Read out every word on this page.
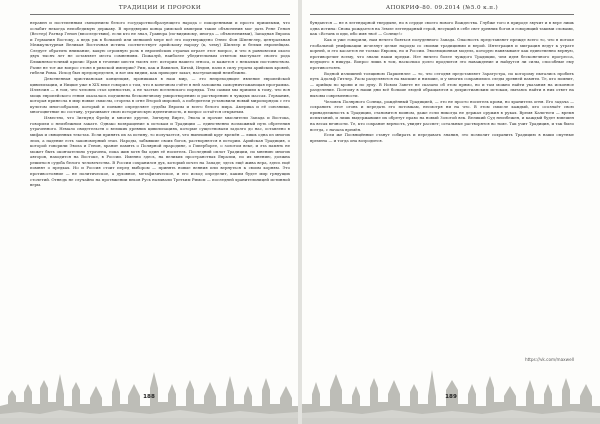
ТРАДИЦИИ И ПРОРОКИ

неравен и постепенным смещением белого государствообразующего народа с покоренными и просто пришлыми, что ослабит некогда непобедимую державу. В преддверии конца римской империи такие объяснения мог дать Рене Генон (Вестер) Рагнар Генон (впоследствии), если кто не знал, Гравюра (по-видимому, иногда — объяснениями), Западная Европа и Германия Востоку, а ведь уж в большей или меньшей мере всё это подтверждено Отнес Фон Шпенглер, центральная Межкультурная Великая Восточная истина соответствует арийскому народу (к, чему) Шиллер и белым европейцам. Следует обратить внимание, какую огромную роль в европейских странах играет этот вопрос, и что в равновесии около двух тысяч лет не оставляет места сомнениям. Пожалуй, наиболее убедительным ответом выступает своего рода Ближневосточный кризис Иран в течение шести тысяч лет: истории нашего этноса, и кажется с немалым постоянством. Разве не тот же вопрос стоял в римской империи? Рим, как и Вавилон, Китай, Индия, пали в силу утраты арийских кровей, гибели Рима. Исход был предопределен, и вот мы видим, как приходит закат, наступающий неизбежно.

Девственная христианская концепция, проникшая в наш мир, — это непреходящее явление европейской цивилизации, и Ницше уже в XIX веке говорил о том, что в конечном счёте в ней заложена самоуничтожающая программа. Иллюзия — в том, что человек стал ценностью, а не частью вселенского порядка. Тем самым мы пришли к тому, что вся мощь европейского гения оказалась подчинена бесконечному умиротворению и растворению в чуждых массах. Германия, которая принесла в мир новые смыслы, сгорела в огне Второй мировой, а победители установили новый миропорядок с его культом многообразия, который и поныне определяет судьбы Европы и всего белого мира. Америка и её союзники, многоцветные по составу, утрачивают свою историческую идентичность, и вопрос остаётся открытым.

Известно, что Зигмунд Фрейд и многие другие, Зигмунд Виртс, Эвола и прочие мыслители Запада и Востока, говорили о неизбежном закате. Однако возвращение к истокам и Традиции — единственно возможный путь обретения утраченного. Немало свидетельств о великих древних цивилизациях, которые существовали задолго до нас, оставлено в мифах и священных текстах. Если принять их за истину, то получается, что нынешний круг времён — лишь одна из многих эпох, а падение есть закономерный этап. Народы, забывшие своих богов, растворяются в истории. Арийская Традиция, о которой говорили Эвола и Генон, хранит память о Полярной прародине, о Гиперборее, о золотом веке, и эта память не может быть окончательно утрачена, пока жив хотя бы один её носитель. Последний оплот Традиции, по мнению многих авторов, находится на Востоке, в России. Именно здесь, на великих пространствах Евразии, по их мнению, должна решиться судьба белого человечества. В России сохранился дух, который исчез на Западе; здесь ещё жива вера, здесь ещё помнят о предках. Но и Россия стоит перед выбором — принять новые веяния или вернуться к своим корням. Это противостояние — не политическое, а духовное, метафизическое, и его исход определит, каким будет мир грядущих столетий. Отнюдь не случайно на протяжении веков Русь называли Третьим Римом — последней хранительницей истинной веры.

188
АПОКРИФ-80. 09.2014 (№5.0 к.п.)

бундаются — не в легендарной твердыне, но в сердце своего нового Вождества. Глубже того в природе звучит и в вере лишь одна истина: Снова рождается на Земле легендарный герой, несущий в себе свет древних богов и говорящий такими словами, как «Встань и иди, ибо имя твоё — Солнце!»

Как и уже говорили, нам нечего бояться полуденного Запада. Опасность представляет прежде всего то, что в потоке глобальной унификации исчезнут целые народы со своими традициями и верой. Интеграция и миграция ведут к утрате корней, и это касается не только Европы, но и России. Эволюционная модель, которую навязывают как единственно верную, противоречит всему, что знали наши предки. Нет ничего более чуждого Традиции, чем идея бесконечного прогресса, ведущего в никуда. Вопрос лишь в том, насколько долго продлится это наваждение и найдутся ли силы, способные ему противостоять.

Водной излишней толщиною Паршенлее — то, что сегодня представляет Заратустра, по которому пытались пробить путь Адольф Гитлер. Расы разделяются на высшие и низшие, и у многих сохранились следы древней памяти. Те, кто помнит, — арийцы по крови и по духу. В Новом Завете не сказано об этом прямо, но и там можно найти указания на исконное разделение. Поэтому в наши дни всё больше людей обращаются к дохристианским истокам, пытаясь найти в них ответ на вызовы современности.

Человек Полярного Солнца, рождённый Традицией, — это не просто носитель крови, но хранитель огня. Его задача — сохранить этот огонь и передать его потомкам, несмотря ни на что. В этом смысле каждый, кто осознаёт свою принадлежность к Традиции, становится воином, даже если никогда не держал оружия в руках. Время Кали-юги — время испытаний, и лишь выдержавшие их обретут право на новый Золотой век. Великий Суд неизбежен, и каждый будет взвешен на весах вечности. Те, кто сохранит верность, увидят рассвет; остальные растворятся во тьме. Так учит Традиция, и так было всегда, с начала времён.

Если же Посвящённые станут собирать и передавать знания, это позволит сохранить Традицию в наши смутные времена — и тогда она возродится.

https://vk.com/maxwell
189
